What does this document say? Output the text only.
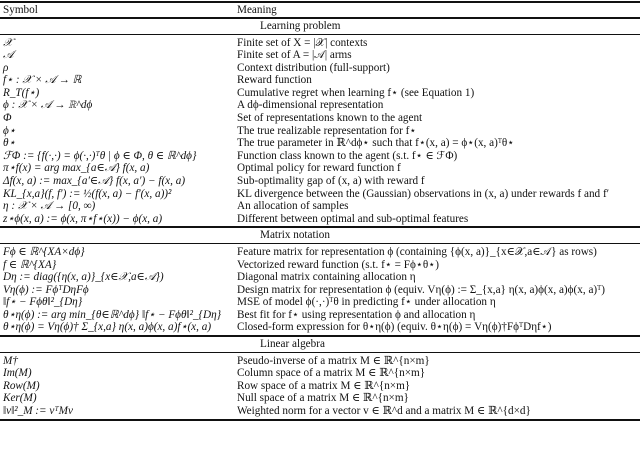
Symbol	Meaning
Learning problem
𝒳	Finite set of X = |𝒳| contexts
𝒜	Finite set of A = |𝒜| arms
ρ	Context distribution (full-support)
f⋆ : 𝒳 × 𝒜 → ℝ	Reward function
R_T(f⋆)	Cumulative regret when learning f⋆ (see Equation 1)
ϕ : 𝒳 × 𝒜 → ℝ^dϕ	A dϕ-dimensional representation
Φ	Set of representations known to the agent
ϕ⋆	The true realizable representation for f⋆
θ⋆	The true parameter in ℝ^dϕ⋆ such that f⋆(x, a) = ϕ⋆(x, a)ᵀθ⋆
ℱΦ := {f(·,·) = ϕ(·,·)ᵀθ | ϕ ∈ Φ, θ ∈ ℝ^dϕ}	Function class known to the agent (s.t. f⋆ ∈ ℱΦ)
π⋆f(x) = arg max_{a∈𝒜} f(x, a)	Optimal policy for reward function f
Δf(x, a) := max_{a′∈𝒜} f(x, a′) − f(x, a)	Sub-optimality gap of (x, a) with reward f
KL_{x,a}(f, f′) := ½(f(x, a) − f′(x, a))²	KL divergence between the (Gaussian) observations in (x, a) under rewards f and f′
η : 𝒳 × 𝒜 → [0, ∞)	An allocation of samples
z⋆ϕ(x, a) := ϕ(x, π⋆f⋆(x)) − ϕ(x, a)	Different between optimal and sub-optimal features
Matrix notation
Fϕ ∈ ℝ^{XA×dϕ}	Feature matrix for representation ϕ (containing {ϕ(x, a)}_{x∈𝒳,a∈𝒜} as rows)
f ∈ ℝ^{XA}	Vectorized reward function (s.t. f⋆ = Fϕ⋆θ⋆)
Dη := diag({η(x, a)}_{x∈𝒳,a∈𝒜})	Diagonal matrix containing allocation η
Vη(ϕ) := FϕᵀDηFϕ	Design matrix for representation ϕ (equiv. Vη(ϕ) := Σ_{x,a} η(x, a)ϕ(x, a)ϕ(x, a)ᵀ)
‖f⋆ − Fϕθ‖²_{Dη}	MSE of model ϕ(·,·)ᵀθ in predicting f⋆ under allocation η
θ⋆η(ϕ) := arg min_{θ∈ℝ^dϕ} ‖f⋆ − Fϕθ‖²_{Dη}	Best fit for f⋆ using representation ϕ and allocation η
θ⋆η(ϕ) = Vη(ϕ)† Σ_{x,a} η(x, a)ϕ(x, a)f⋆(x, a)	Closed-form expression for θ⋆η(ϕ) (equiv. θ⋆η(ϕ) = Vη(ϕ)†FϕᵀDηf⋆)
Linear algebra
M†	Pseudo-inverse of a matrix M ∈ ℝ^{n×m}
Im(M)	Column space of a matrix M ∈ ℝ^{n×m}
Row(M)	Row space of a matrix M ∈ ℝ^{n×m}
Ker(M)	Null space of a matrix M ∈ ℝ^{n×m}
‖v‖²_M := vᵀMv	Weighted norm for a vector v ∈ ℝ^d and a matrix M ∈ ℝ^{d×d}
